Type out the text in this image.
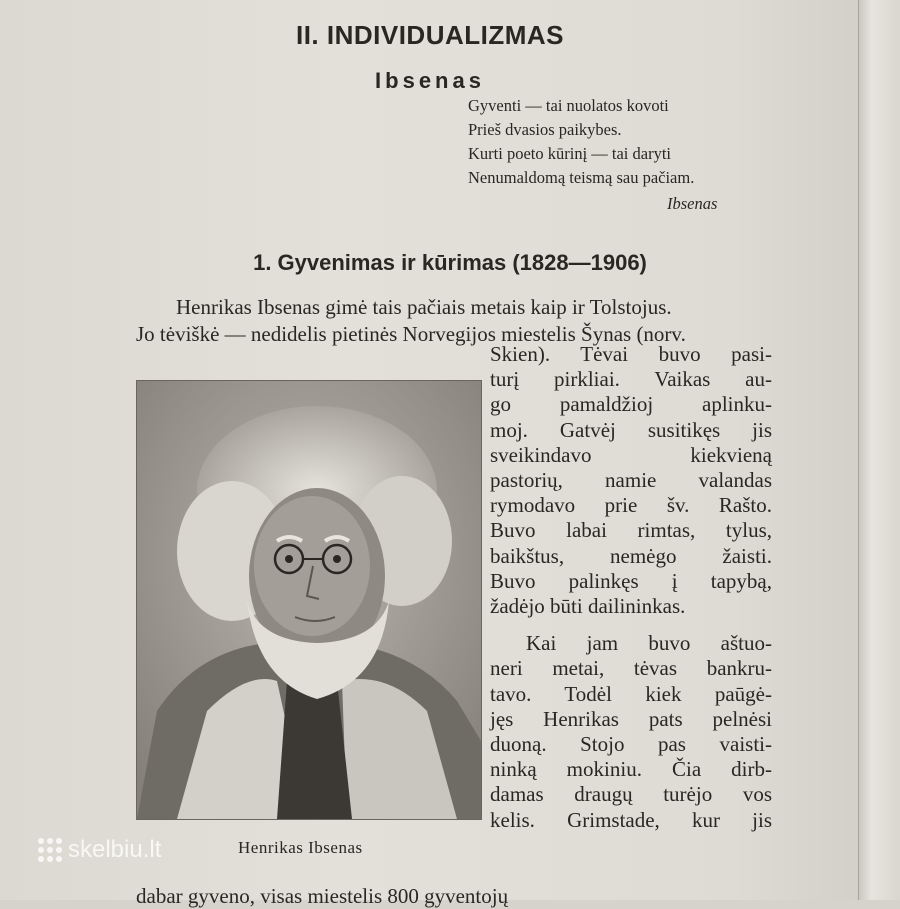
II. INDIVIDUALIZMAS
Ibsenas
Gyventi — tai nuolatos kovoti
Prieš dvasios paikybes.
Kurti poeto kūrinį — tai daryti
Nenumaldomą teismą sau pačiam.
Ibsenas
1. Gyvenimas ir kūrimas (1828—1906)
Henrikas Ibsenas gimė tais pačiais metais kaip ir Tolstojus.
Jo tėviškė — nedidelis pietinės Norvegijos miestelis Šynas (norv.
Skien). Tėvai buvo pasi-
turį pirkliai. Vaikas au-
go pamaldžioj aplinku-
moj. Gatvėj susitikęs jis
sveikindavo kiekvieną
pastorių, namie valandas
rymodavo prie šv. Rašto.
Buvo labai rimtas, tylus,
baikštus, nemėgo žaisti.
Buvo palinkęs į tapybą,
žadėjo būti dailininkas.
Kai jam buvo aštuo-
neri metai, tėvas bankru-
tavo. Todėl kiek paūgė-
jęs Henrikas pats pelnėsi
duoną. Stojo pas vaisti-
ninką mokiniu. Čia dirb-
damas draugų turėjo vos
kelis. Grimstade, kur jis
Henrikas Ibsenas
dabar gyveno, visas miestelis 800 gyventojų
skelbiu.lt
